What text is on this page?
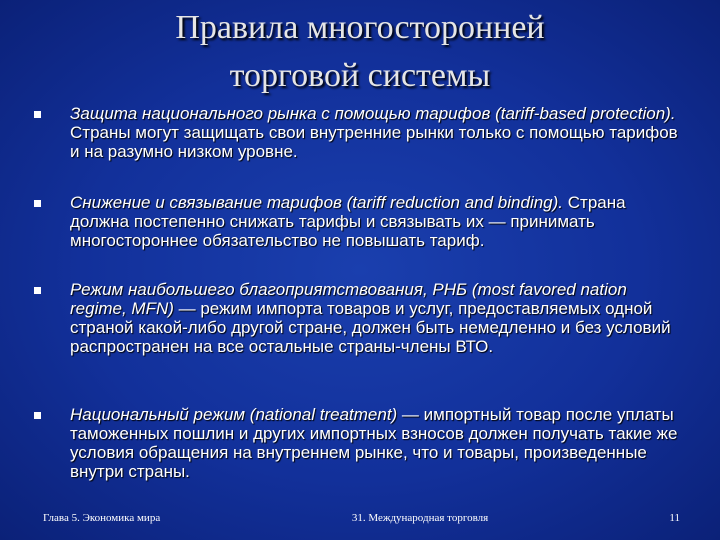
Правила многосторонней
торговой системы
Защита национального рынка с помощью тарифов (tariff-based protection). Страны могут защищать свои внутренние рынки только с помощью тарифов и на разумно низком уровне.
Снижение и связывание тарифов (tariff reduction and binding). Страна должна постепенно снижать тарифы и связывать их — принимать многостороннее обязательство не повышать тариф.
Режим наибольшего благоприятствования, РНБ (most favored nation regime, MFN) — режим импорта товаров и услуг, предоставляемых одной страной какой-либо другой стране, должен быть немедленно и без условий распространен на все остальные страны-члены ВТО.
Национальный режим (national treatment) — импортный товар после уплаты таможенных пошлин и других импортных взносов должен получать такие же условия обращения на внутреннем рынке, что и товары, произведенные внутри страны.
Глава 5. Экономика мира	31. Международная торговля	11
